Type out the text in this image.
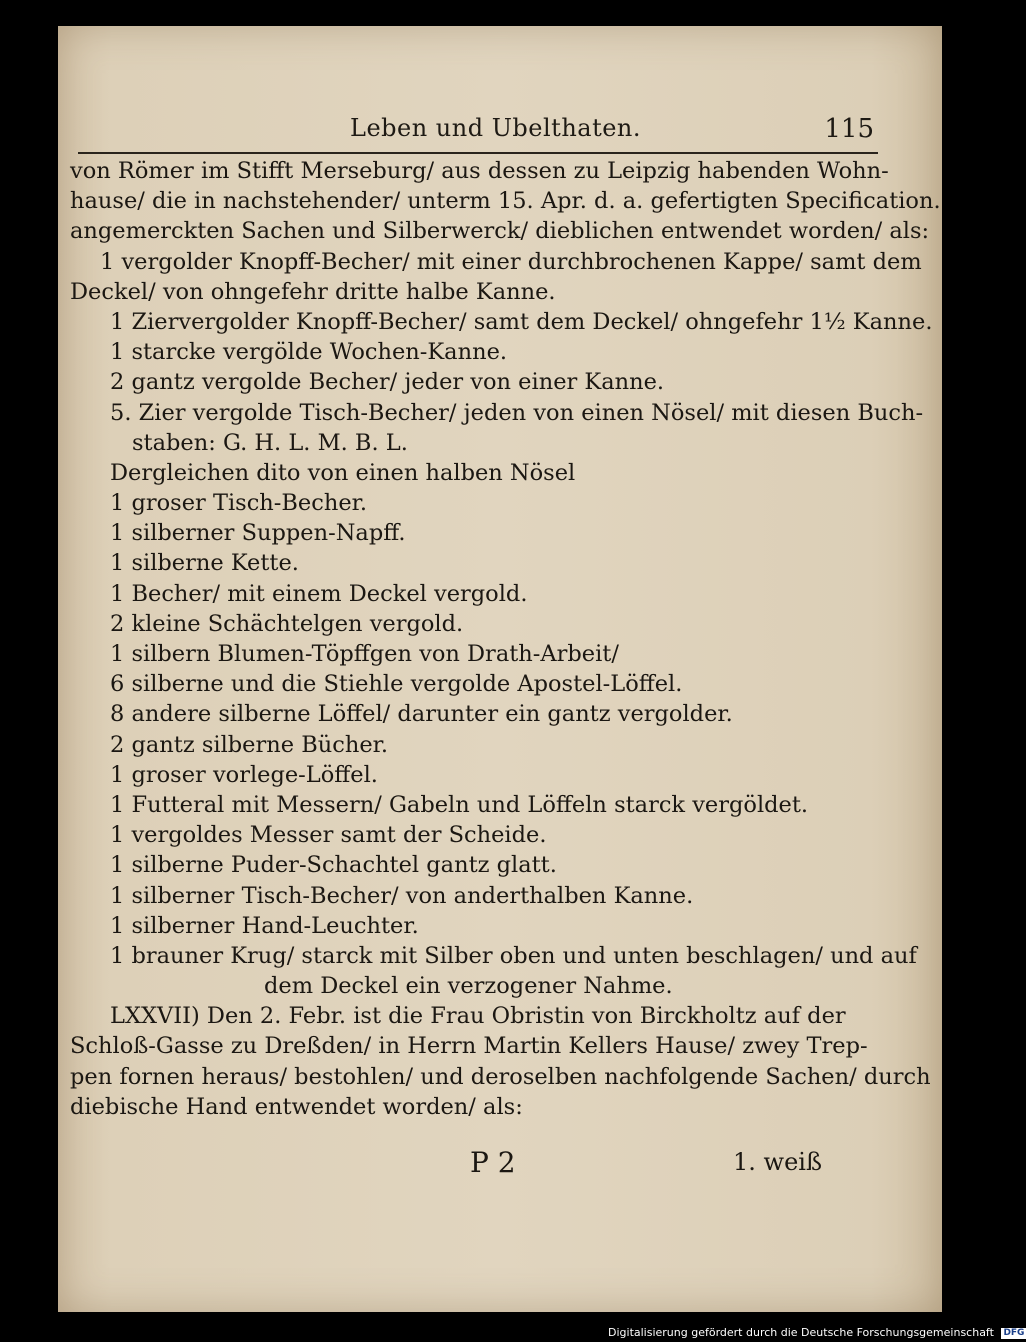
Leben und Ubelthaten.	115
von Römer im Stifft Merseburg/ aus dessen zu Leipzig habenden Wohn-
hause/ die in nachstehender/ unterm 15. Apr. d. a. gefertigten Specification.
angemerckten Sachen und Silberwerck/ dieblichen entwendet worden/ als:
1 vergolder Knopff-Becher/ mit einer durchbrochenen Kappe/ samt dem
Deckel/ von ohngefehr dritte halbe Kanne.
1 Ziervergolder Knopff-Becher/ samt dem Deckel/ ohngefehr 1½ Kanne.
1 starcke vergölde Wochen-Kanne.
2 gantz vergolde Becher/ jeder von einer Kanne.
5. Zier vergolde Tisch-Becher/ jeden von einen Nösel/ mit diesen Buch-
staben: G. H. L. M. B. L.
Dergleichen dito von einen halben Nösel
1 groser Tisch-Becher.
1 silberner Suppen-Napff.
1 silberne Kette.
1 Becher/ mit einem Deckel vergold.
2 kleine Schächtelgen vergold.
1 silbern Blumen-Töpffgen von Drath-Arbeit/
6 silberne und die Stiehle vergolde Apostel-Löffel.
8 andere silberne Löffel/ darunter ein gantz vergolder.
2 gantz silberne Bücher.
1 groser vorlege-Löffel.
1 Futteral mit Messern/ Gabeln und Löffeln starck vergöldet.
1 vergoldes Messer samt der Scheide.
1 silberne Puder-Schachtel gantz glatt.
1 silberner Tisch-Becher/ von anderthalben Kanne.
1 silberner Hand-Leuchter.
1 brauner Krug/ starck mit Silber oben und unten beschlagen/ und auf
dem Deckel ein verzogener Nahme.
LXXVII) Den 2. Febr. ist die Frau Obristin von Birckholtz auf der
Schloß-Gasse zu Dreßden/ in Herrn Martin Kellers Hause/ zwey Trep-
pen fornen heraus/ bestohlen/ und deroselben nachfolgende Sachen/ durch
diebische Hand entwendet worden/ als:
P 2	1. weiß
Digitalisierung gefördert durch die Deutsche Forschungsgemeinschaft DFG
